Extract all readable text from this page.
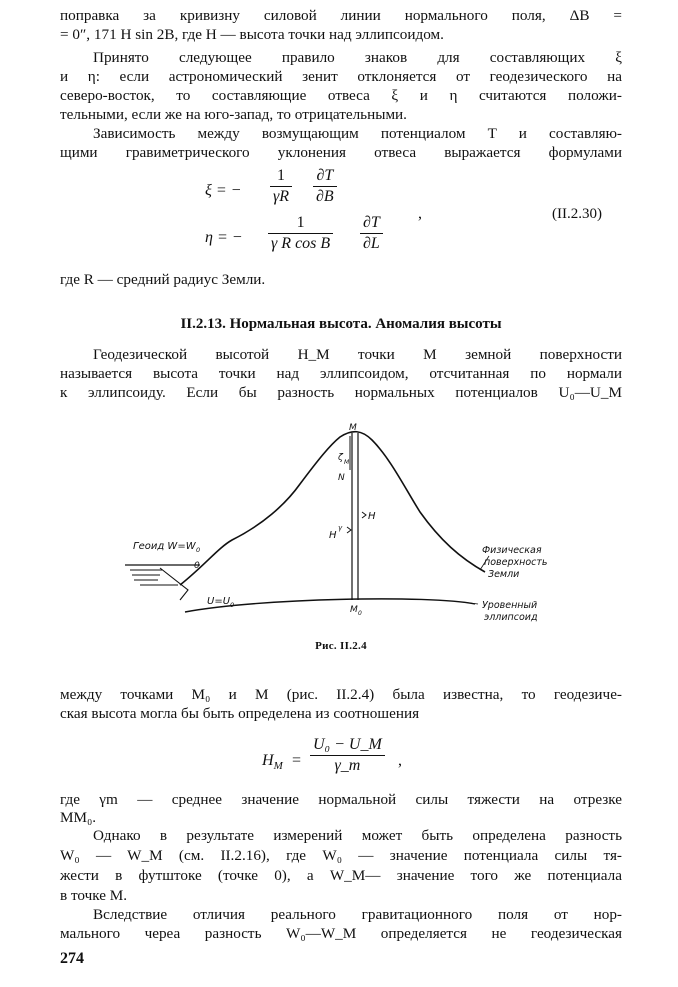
поправка за кривизну силовой линии нормального поля, ΔB =
= 0″, 171 H sin 2B, где H — высота точки над эллипсоидом.
Принято следующее правило знаков для составляющих ξ
и η: если астрономический зенит отклоняется от геодезического на
северо-восток, то составляющие отвеса ξ и η считаются положи-
тельными, если же на юго-запад, то отрицательными.
Зависимость между возмущающим потенциалом T и составляю-
щими гравиметрического уклонения отвеса выражается формулами
ξ = − $\frac{1}{\gamma R} \frac{\partial T}{\partial B}$
η = − $\frac{1}{\text{γ R cos B}} \frac{\partial T}{\partial L}$
,	(II.2.30)
где R — средний радиус Земли.
II.2.13. Нормальная высота. Аномалия высоты
Геодезической высотой H_M точки M земной поверхности
называется высота точки над эллипсоидом, отсчитанная по нормали
к эллипсоиду. Если бы разность нормальных потенциалов U₀—U_M
M
ζ M
N
H
γ
H
Геоид W=W 0
0
U=U 0	M 0
Физическая
поверхность
Земли
Уровенный
эллипсоид
Рис. II.2.4
между точками M₀ и M (рис. II.2.4) была известна, то геодезиче-
ская высота могла бы быть определена из соотношения
$H_M = \frac{\text{U₀ − U\_M}}{\gamma\_m}$ ,
где γm — среднее значение нормальной силы тяжести на отрезке
MM₀.
Однако в результате измерений может быть определена разность
W₀ — W_M (см. II.2.16), где W₀ — значение потенциала силы тя-
жести в футштоке (точке 0), а W_M— значение того же потенциала
в точке M.
Вследствие отличия реального гравитационного поля от нор-
мального череа разность W₀—W_M определяется не геодезическая
274
